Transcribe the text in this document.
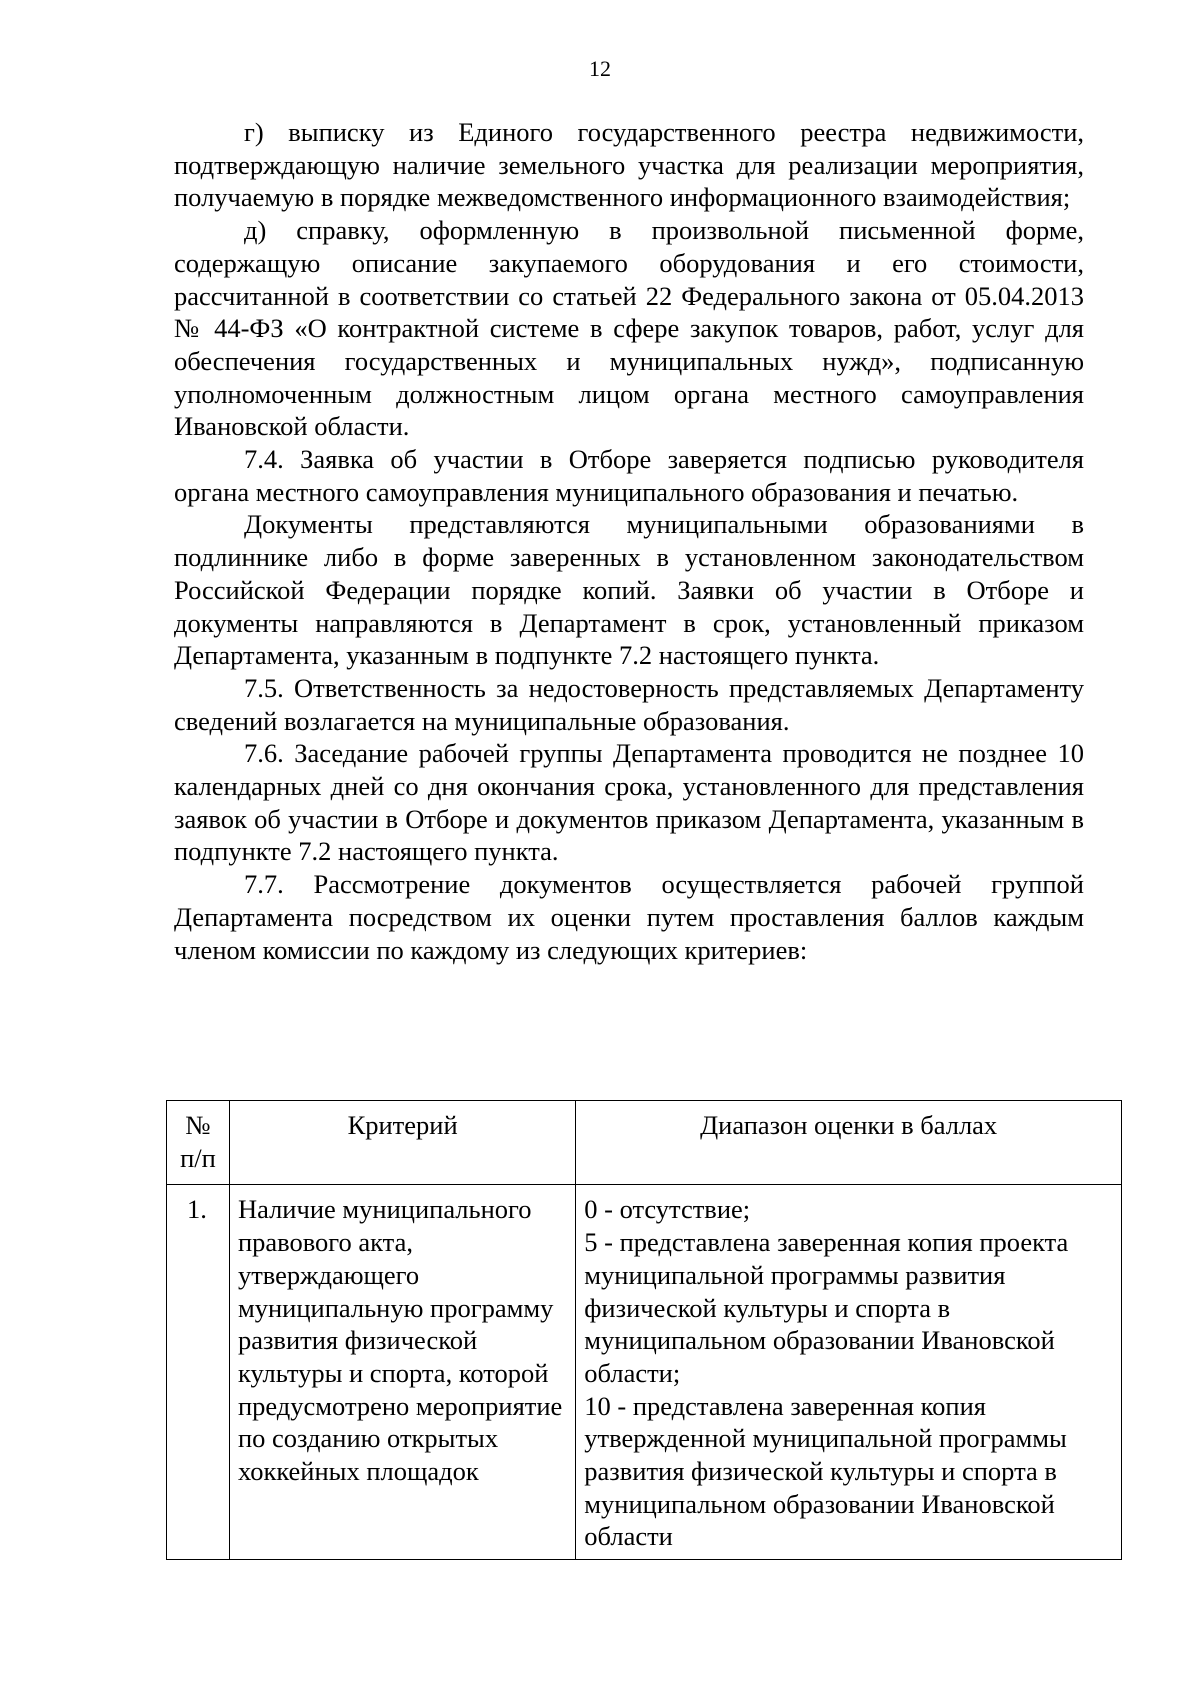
12

г) выписку из Единого государственного реестра недвижимости, подтверждающую наличие земельного участка для реализации мероприятия, получаемую в порядке межведомственного информационного взаимодействия;

д) справку, оформленную в произвольной письменной форме, содержащую описание закупаемого оборудования и его стоимости, рассчитанной в соответствии со статьей 22 Федерального закона от 05.04.2013 № 44-ФЗ «О контрактной системе в сфере закупок товаров, работ, услуг для обеспечения государственных и муниципальных нужд», подписанную уполномоченным должностным лицом органа местного самоуправления Ивановской области.

7.4. Заявка об участии в Отборе заверяется подписью руководителя органа местного самоуправления муниципального образования и печатью.

Документы представляются муниципальными образованиями в подлиннике либо в форме заверенных в установленном законодательством Российской Федерации порядке копий. Заявки об участии в Отборе и документы направляются в Департамент в срок, установленный приказом Департамента, указанным в подпункте 7.2 настоящего пункта.

7.5. Ответственность за недостоверность представляемых Департаменту сведений возлагается на муниципальные образования.

7.6. Заседание рабочей группы Департамента проводится не позднее 10 календарных дней со дня окончания срока, установленного для представления заявок об участии в Отборе и документов приказом Департамента, указанным в подпункте 7.2 настоящего пункта.

7.7. Рассмотрение документов осуществляется рабочей группой Департамента посредством их оценки путем проставления баллов каждым членом комиссии по каждому из следующих критериев:

№
п/п	Критерий	Диапазон оценки в баллах
1.	Наличие муниципального правового акта, утверждающего муниципальную программу развития физической культуры и спорта, которой предусмотрено мероприятие по созданию открытых хоккейных площадок	0 - отсутствие;
5 - представлена заверенная копия проекта муниципальной программы развития физической культуры и спорта в муниципальном образовании Ивановской области;
10 - представлена заверенная копия утвержденной муниципальной программы развития физической культуры и спорта в муниципальном образовании Ивановской области
